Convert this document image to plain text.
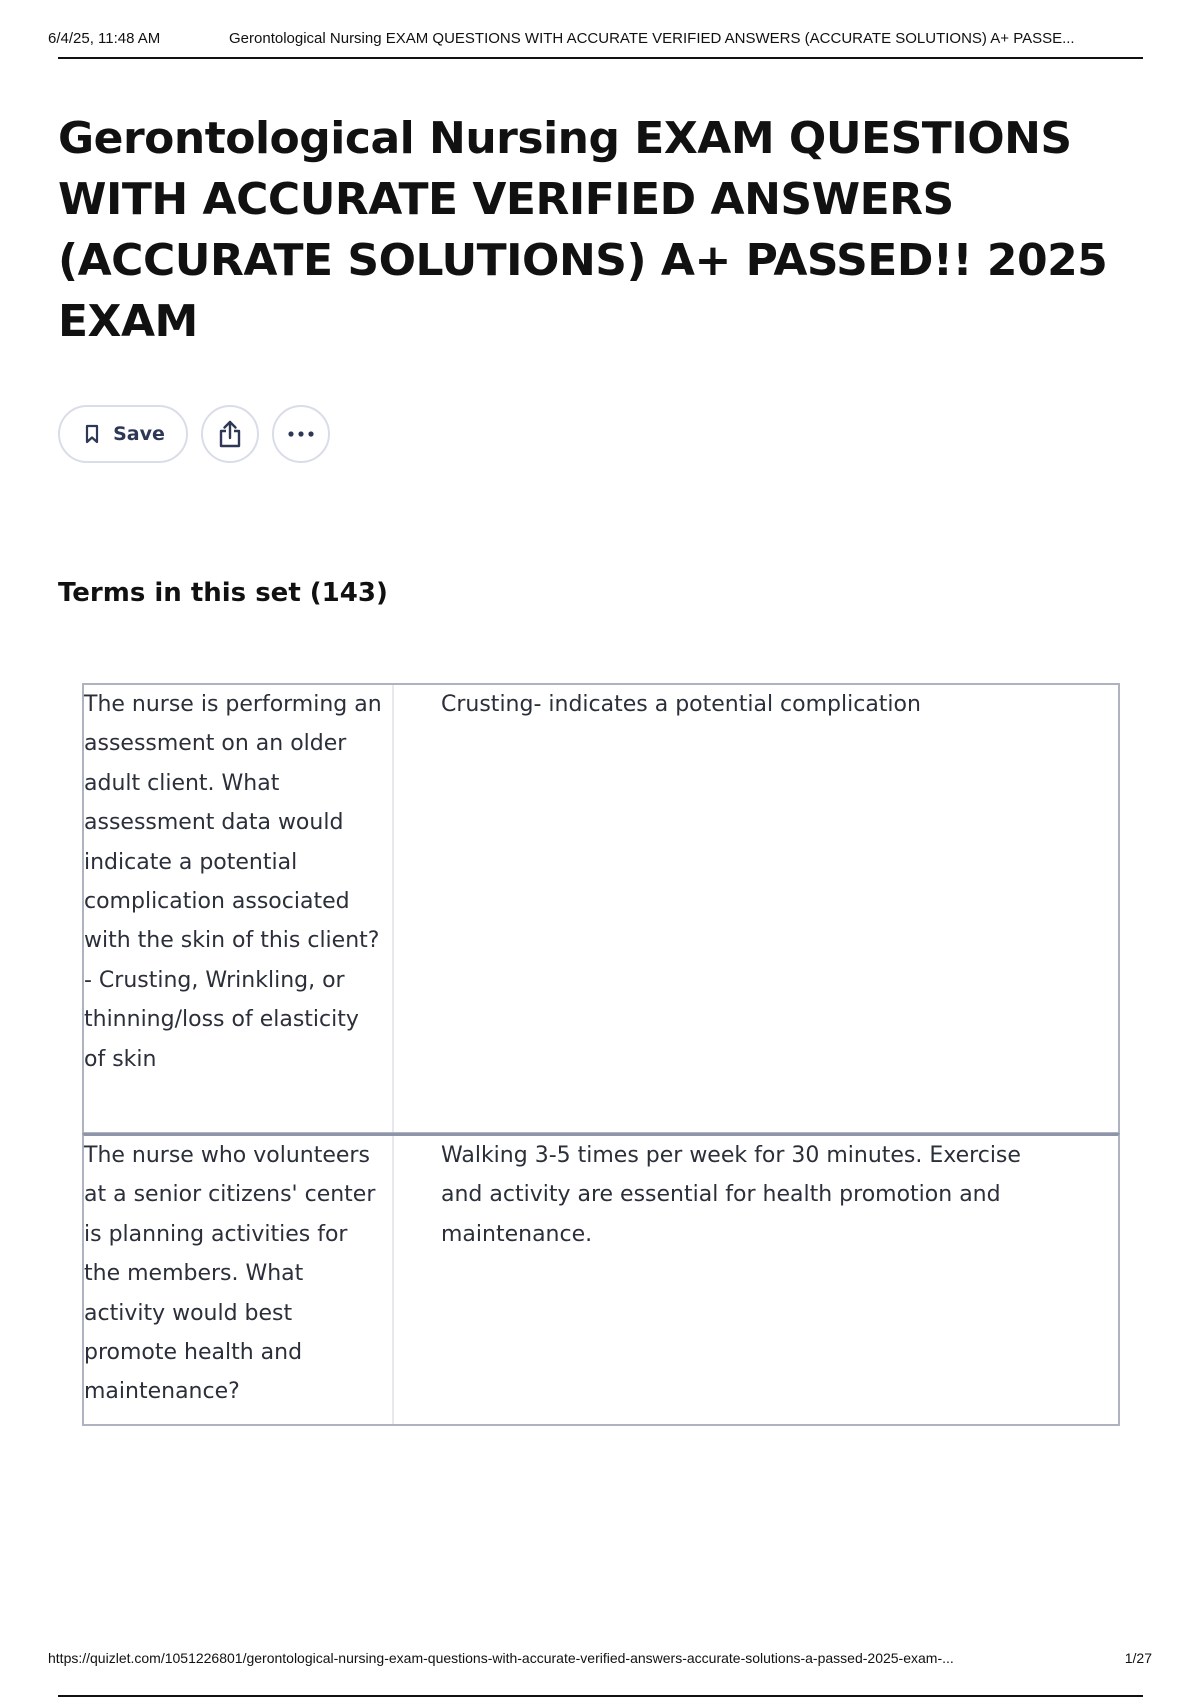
6/4/25, 11:48 AM	Gerontological Nursing EXAM QUESTIONS WITH ACCURATE VERIFIED ANSWERS (ACCURATE SOLUTIONS) A+ PASSE...
Gerontological Nursing EXAM QUESTIONS WITH ACCURATE VERIFIED ANSWERS (ACCURATE SOLUTIONS) A+ PASSED!! 2025 EXAM
Save
Terms in this set (143)
The nurse is performing an assessment on an older adult client. What assessment data would indicate a potential complication associated with the skin of this client?- Crusting, Wrinkling, or thinning/loss of elasticity of skin
Crusting- indicates a potential complication
The nurse who volunteers at a senior citizens' center is planning activities for the members. What activity would best promote health and maintenance?
Walking 3-5 times per week for 30 minutes. Exercise and activity are essential for health promotion and maintenance.
https://quizlet.com/1051226801/gerontological-nursing-exam-questions-with-accurate-verified-answers-accurate-solutions-a-passed-2025-exam-...	1/27
